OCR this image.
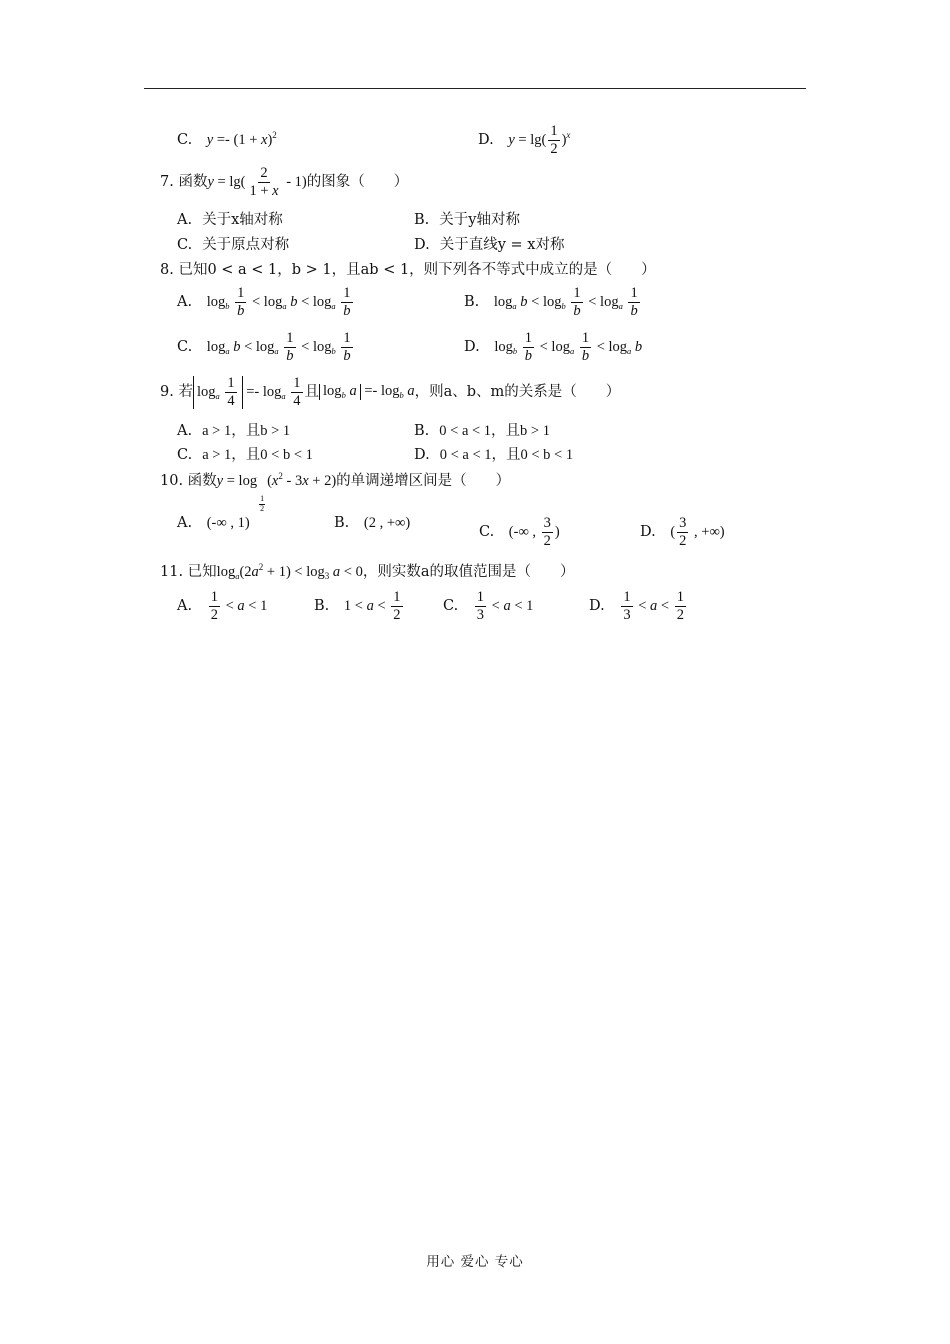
C. $y =- (1 + x)^2$	D. $y = \lg( \frac{1}{2} )^x$
7. 函数$y = \lg( \frac{2}{1 + x} - 1)$的图象（　　）
A. 关于x轴对称	B. 关于y轴对称
C. 关于原点对称	D. 关于直线y = x对称
8. 已知0 < a < 1，b > 1，且ab < 1，则下列各不等式中成立的是（　　）
A. $\log_b \frac{1}{b} < \log_a b < \log_a \frac{1}{b}$	B. $\log_a b < \log_b \frac{1}{b} < \log_a \frac{1}{b}$
C. $\log_a b < \log_a \frac{1}{b} < \log_b \frac{1}{b}$	D. $\log_b \frac{1}{b} < \log_a \frac{1}{b} < \log_a b$
9. 若 $\log_a \frac{1}{4} =- \log_a \frac{1}{4}$ 且 $\log_b a =- \log_b a$，则a、b、m的关系是（　　）
A. a > 1，且b > 1	B. 0 < a < 1，且b > 1
C. a > 1，且0 < b < 1	D. 0 < a < 1，且0 < b < 1
10. 函数y = log
$\frac{1}{2}$
$(x^2 - 3x + 2)$的单调递增区间是（　　）
A. (-∞ , 1)	B. (2 , +∞)
C. (-∞ , $\frac{3}{2}$ )	D. ( $\frac{3}{2}$ , +∞)
11. 已知$\log_a(2a^2 + 1) < \log_3 a < 0$，则实数a的取值范围是（　　）
A. $\frac{1}{2} < a < 1$	B. $1 < a < \frac{1}{2}$	C. $\frac{1}{3} < a < 1$	D. $\frac{1}{3} < a < \frac{1}{2}$
用心 爱心 专心
